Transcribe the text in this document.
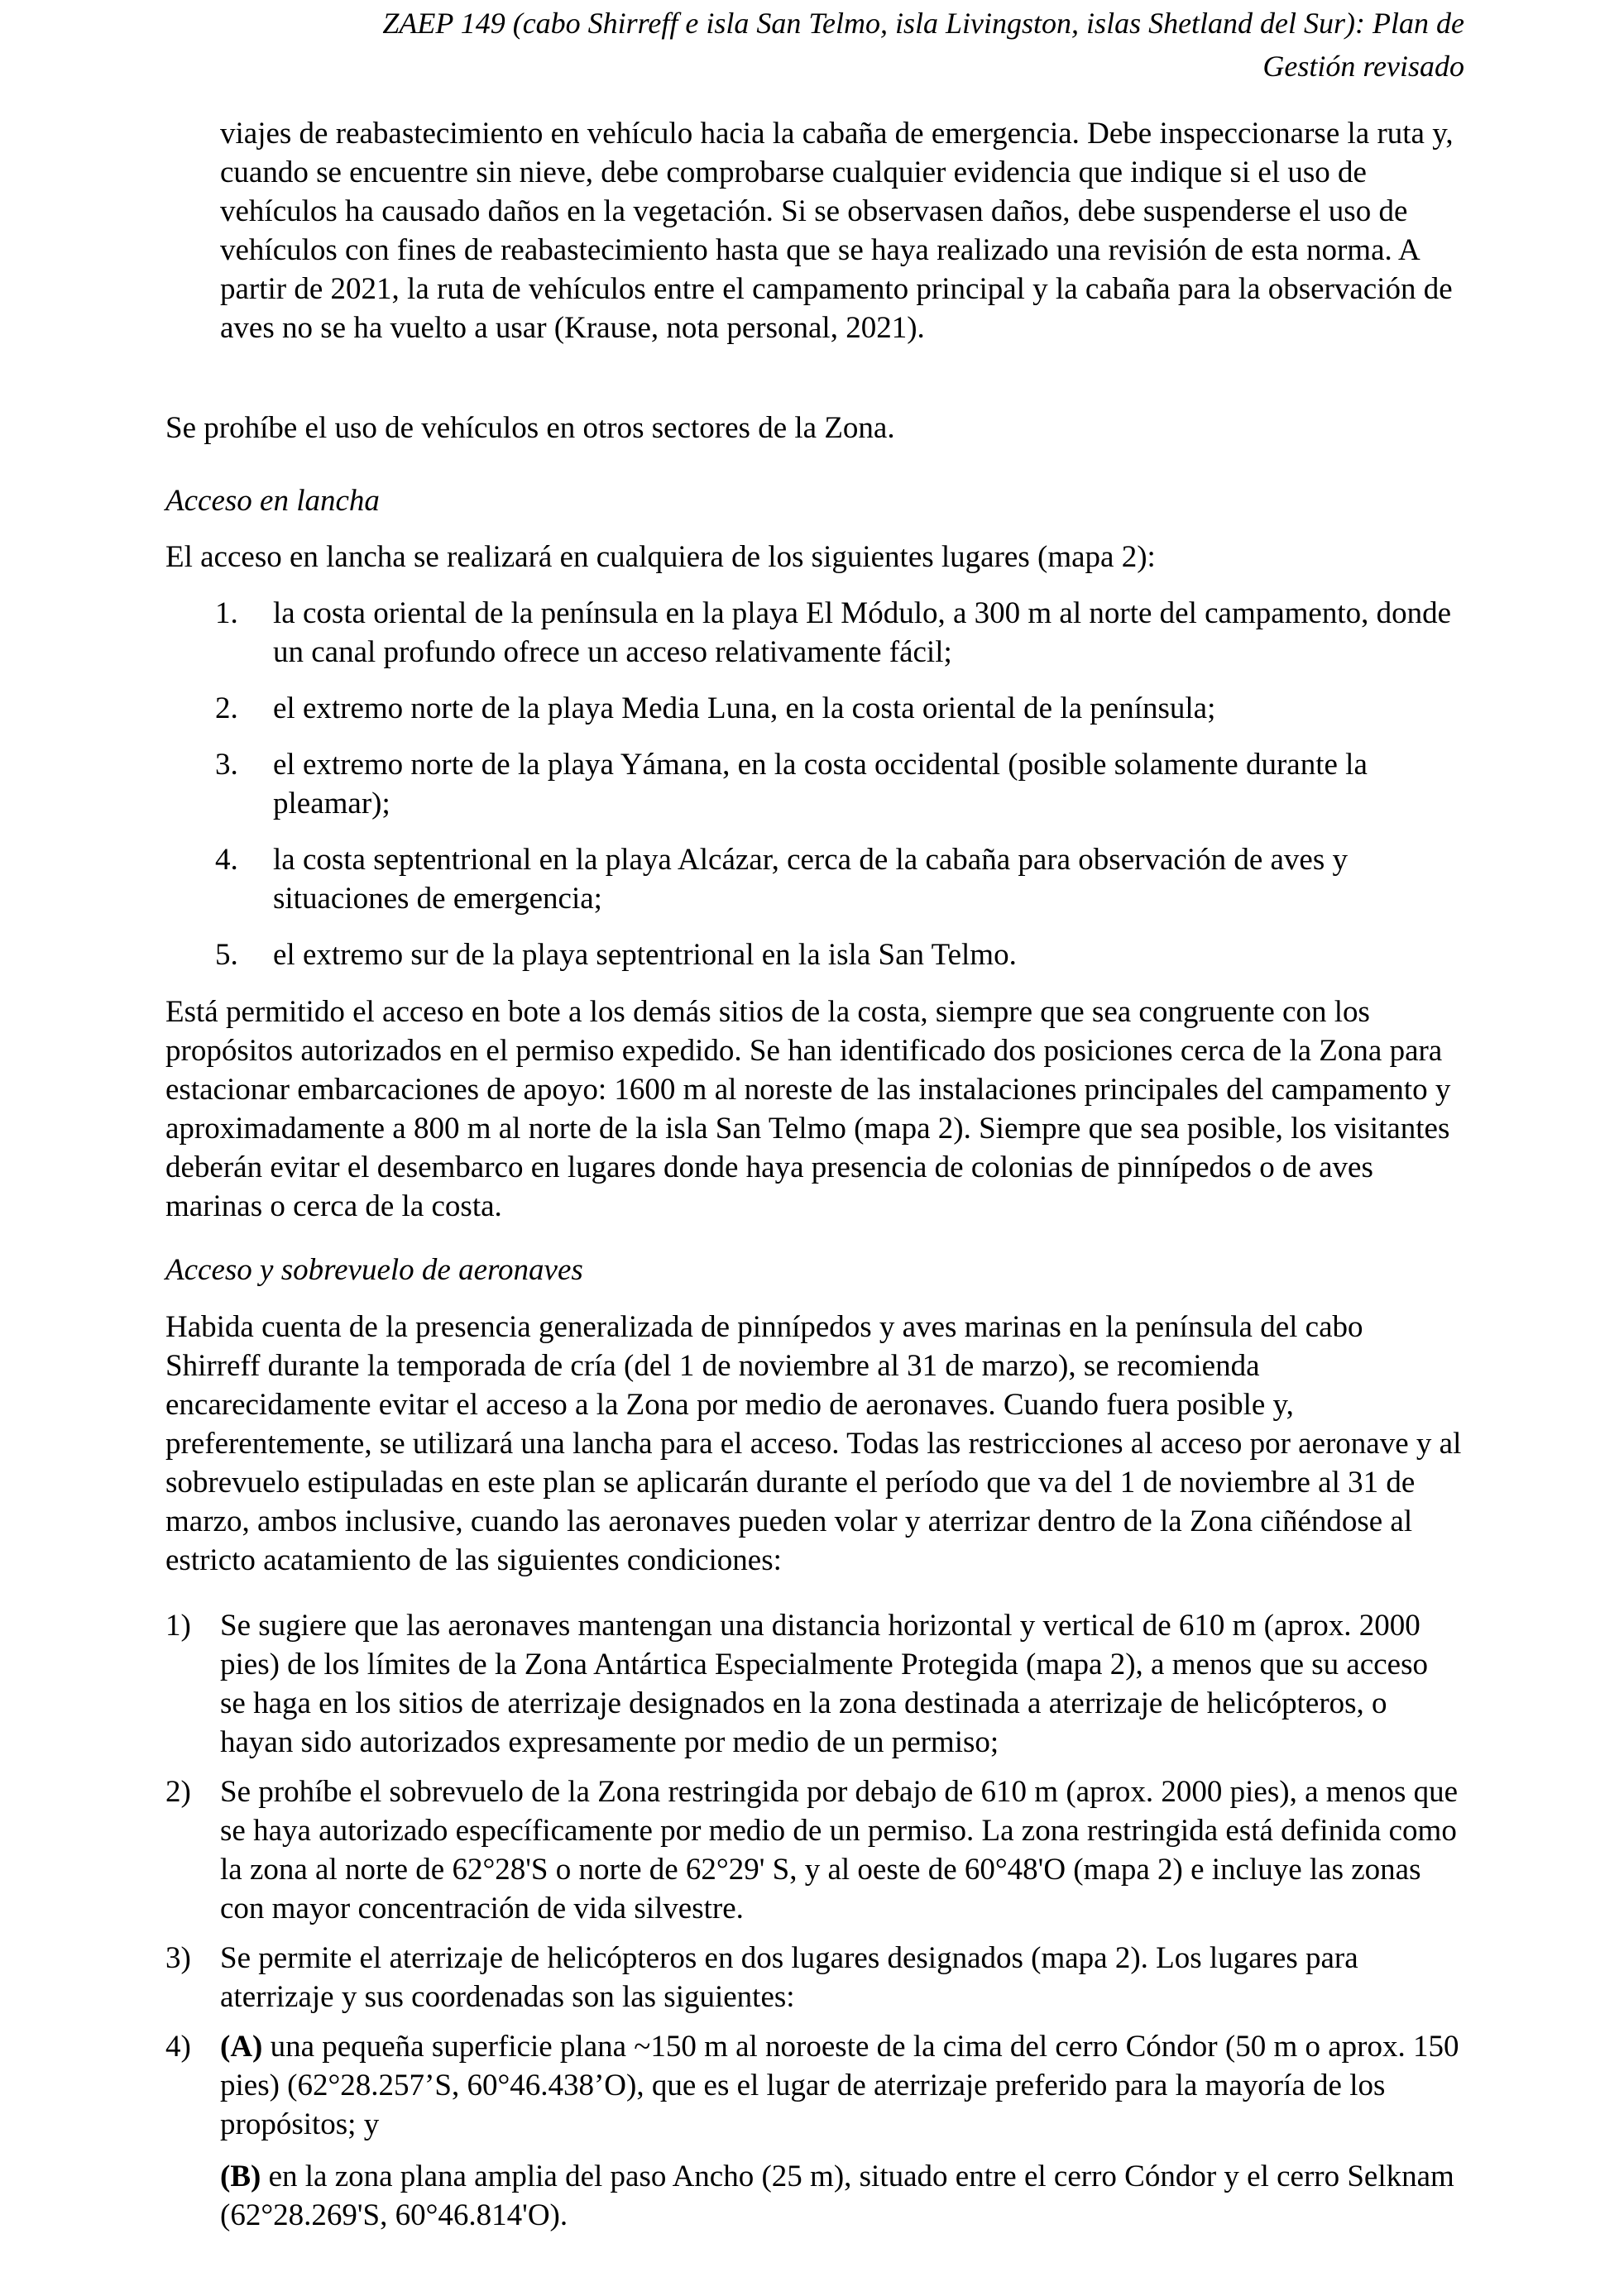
ZAEP 149 (cabo Shirreff e isla San Telmo, isla Livingston, islas Shetland del Sur): Plan de
Gestión revisado

viajes de reabastecimiento en vehículo hacia la cabaña de emergencia. Debe inspeccionarse la ruta y, cuando se encuentre sin nieve, debe comprobarse cualquier evidencia que indique si el uso de vehículos ha causado daños en la vegetación. Si se observasen daños, debe suspenderse el uso de vehículos con fines de reabastecimiento hasta que se haya realizado una revisión de esta norma. A partir de 2021, la ruta de vehículos entre el campamento principal y la cabaña para la observación de aves no se ha vuelto a usar (Krause, nota personal, 2021).

Se prohíbe el uso de vehículos en otros sectores de la Zona.

Acceso en lancha

El acceso en lancha se realizará en cualquiera de los siguientes lugares (mapa 2):

1.	la costa oriental de la península en la playa El Módulo, a 300 m al norte del campamento, donde un canal profundo ofrece un acceso relativamente fácil;
2.	el extremo norte de la playa Media Luna, en la costa oriental de la península;
3.	el extremo norte de la playa Yámana, en la costa occidental (posible solamente durante la pleamar);
4.	la costa septentrional en la playa Alcázar, cerca de la cabaña para observación de aves y situaciones de emergencia;
5.	el extremo sur de la playa septentrional en la isla San Telmo.

Está permitido el acceso en bote a los demás sitios de la costa, siempre que sea congruente con los propósitos autorizados en el permiso expedido. Se han identificado dos posiciones cerca de la Zona para estacionar embarcaciones de apoyo: 1600 m al noreste de las instalaciones principales del campamento y aproximadamente a 800 m al norte de la isla San Telmo (mapa 2). Siempre que sea posible, los visitantes deberán evitar el desembarco en lugares donde haya presencia de colonias de pinnípedos o de aves marinas o cerca de la costa.

Acceso y sobrevuelo de aeronaves

Habida cuenta de la presencia generalizada de pinnípedos y aves marinas en la península del cabo Shirreff durante la temporada de cría (del 1 de noviembre al 31 de marzo), se recomienda encarecidamente evitar el acceso a la Zona por medio de aeronaves. Cuando fuera posible y, preferentemente, se utilizará una lancha para el acceso. Todas las restricciones al acceso por aeronave y al sobrevuelo estipuladas en este plan se aplicarán durante el período que va del 1 de noviembre al 31 de marzo, ambos inclusive, cuando las aeronaves pueden volar y aterrizar dentro de la Zona ciñéndose al estricto acatamiento de las siguientes condiciones:

1) Se sugiere que las aeronaves mantengan una distancia horizontal y vertical de 610 m (aprox. 2000 pies) de los límites de la Zona Antártica Especialmente Protegida (mapa 2), a menos que su acceso se haga en los sitios de aterrizaje designados en la zona destinada a aterrizaje de helicópteros, o hayan sido autorizados expresamente por medio de un permiso;
2) Se prohíbe el sobrevuelo de la Zona restringida por debajo de 610 m (aprox. 2000 pies), a menos que se haya autorizado específicamente por medio de un permiso. La zona restringida está definida como la zona al norte de 62°28'S o norte de 62°29' S, y al oeste de 60°48'O (mapa 2) e incluye las zonas con mayor concentración de vida silvestre.
3) Se permite el aterrizaje de helicópteros en dos lugares designados (mapa 2). Los lugares para aterrizaje y sus coordenadas son las siguientes:
4) (A) una pequeña superficie plana ~150 m al noroeste de la cima del cerro Cóndor (50 m o aprox. 150 pies) (62°28.257’S, 60°46.438’O), que es el lugar de aterrizaje preferido para la mayoría de los propósitos; y
(B) en la zona plana amplia del paso Ancho (25 m), situado entre el cerro Cóndor y el cerro Selknam (62°28.269'S, 60°46.814'O).
